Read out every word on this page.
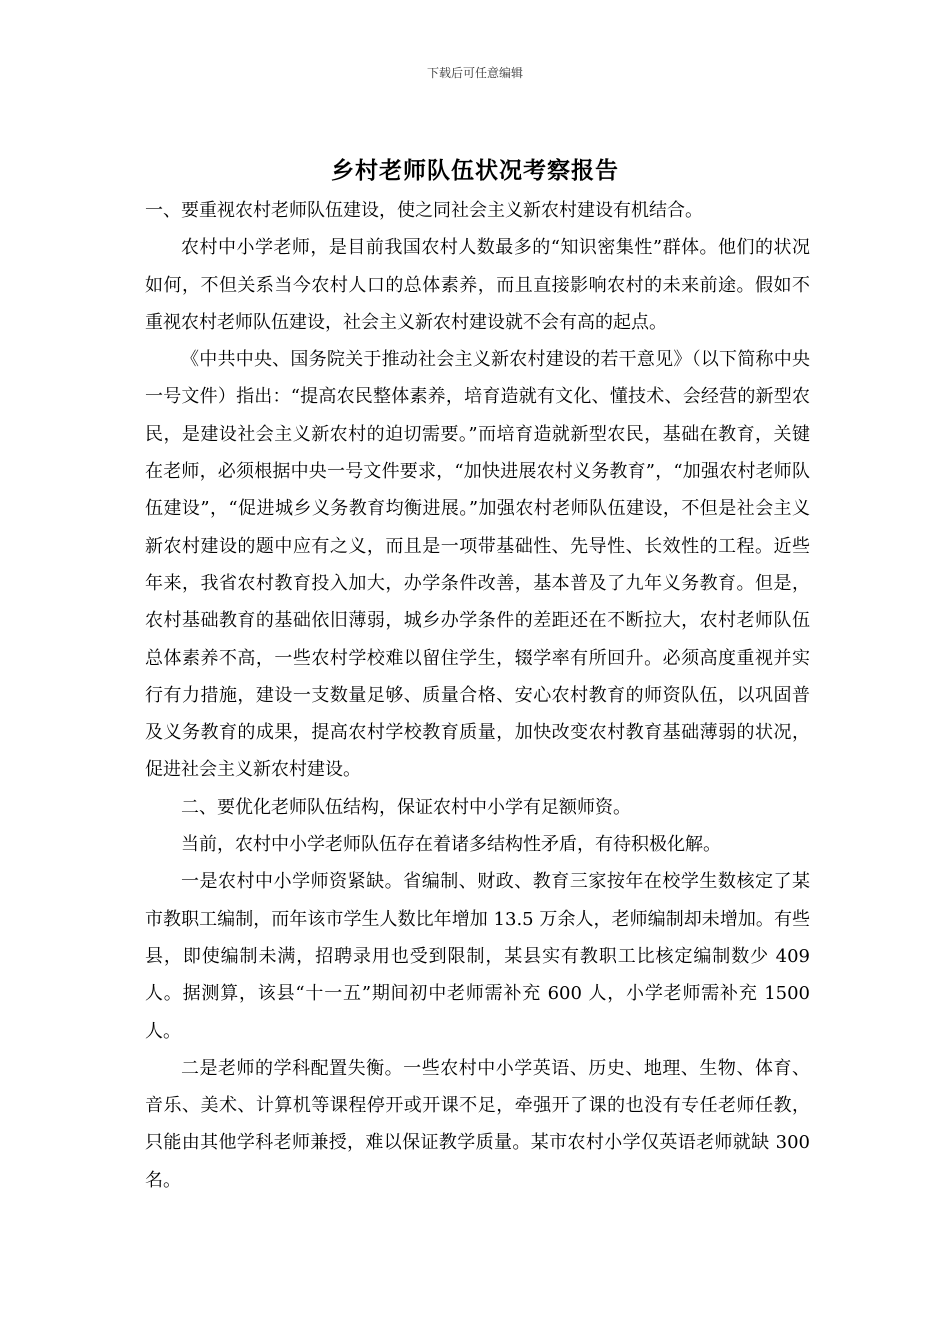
下载后可任意编辑
乡村老师队伍状况考察报告

一、要重视农村老师队伍建设，使之同社会主义新农村建设有机结合。

农村中小学老师，是目前我国农村人数最多的“知识密集性”群体。他们的状况如何，不但关系当今农村人口的总体素养，而且直接影响农村的未来前途。假如不重视农村老师队伍建设，社会主义新农村建设就不会有高的起点。

《中共中央、国务院关于推动社会主义新农村建设的若干意见》（以下简称中央一号文件）指出：“提高农民整体素养，培育造就有文化、懂技术、会经营的新型农民，是建设社会主义新农村的迫切需要。”而培育造就新型农民，基础在教育，关键在老师，必须根据中央一号文件要求，“加快进展农村义务教育”，“加强农村老师队伍建设”，“促进城乡义务教育均衡进展。”加强农村老师队伍建设，不但是社会主义新农村建设的题中应有之义，而且是一项带基础性、先导性、长效性的工程。近些年来，我省农村教育投入加大，办学条件改善，基本普及了九年义务教育。但是，农村基础教育的基础依旧薄弱，城乡办学条件的差距还在不断拉大，农村老师队伍总体素养不高，一些农村学校难以留住学生，辍学率有所回升。必须高度重视并实行有力措施，建设一支数量足够、质量合格、安心农村教育的师资队伍，以巩固普及义务教育的成果，提高农村学校教育质量，加快改变农村教育基础薄弱的状况，促进社会主义新农村建设。

二、要优化老师队伍结构，保证农村中小学有足额师资。

当前，农村中小学老师队伍存在着诸多结构性矛盾，有待积极化解。

一是农村中小学师资紧缺。省编制、财政、教育三家按年在校学生数核定了某市教职工编制，而年该市学生人数比年增加 13.5 万余人，老师编制却未增加。有些县，即使编制未满，招聘录用也受到限制，某县实有教职工比核定编制数少 409 人。据测算，该县“十一五”期间初中老师需补充 600 人，小学老师需补充 1500 人。

二是老师的学科配置失衡。一些农村中小学英语、历史、地理、生物、体育、音乐、美术、计算机等课程停开或开课不足，牵强开了课的也没有专任老师任教，只能由其他学科老师兼授，难以保证教学质量。某市农村小学仅英语老师就缺 300 名。
